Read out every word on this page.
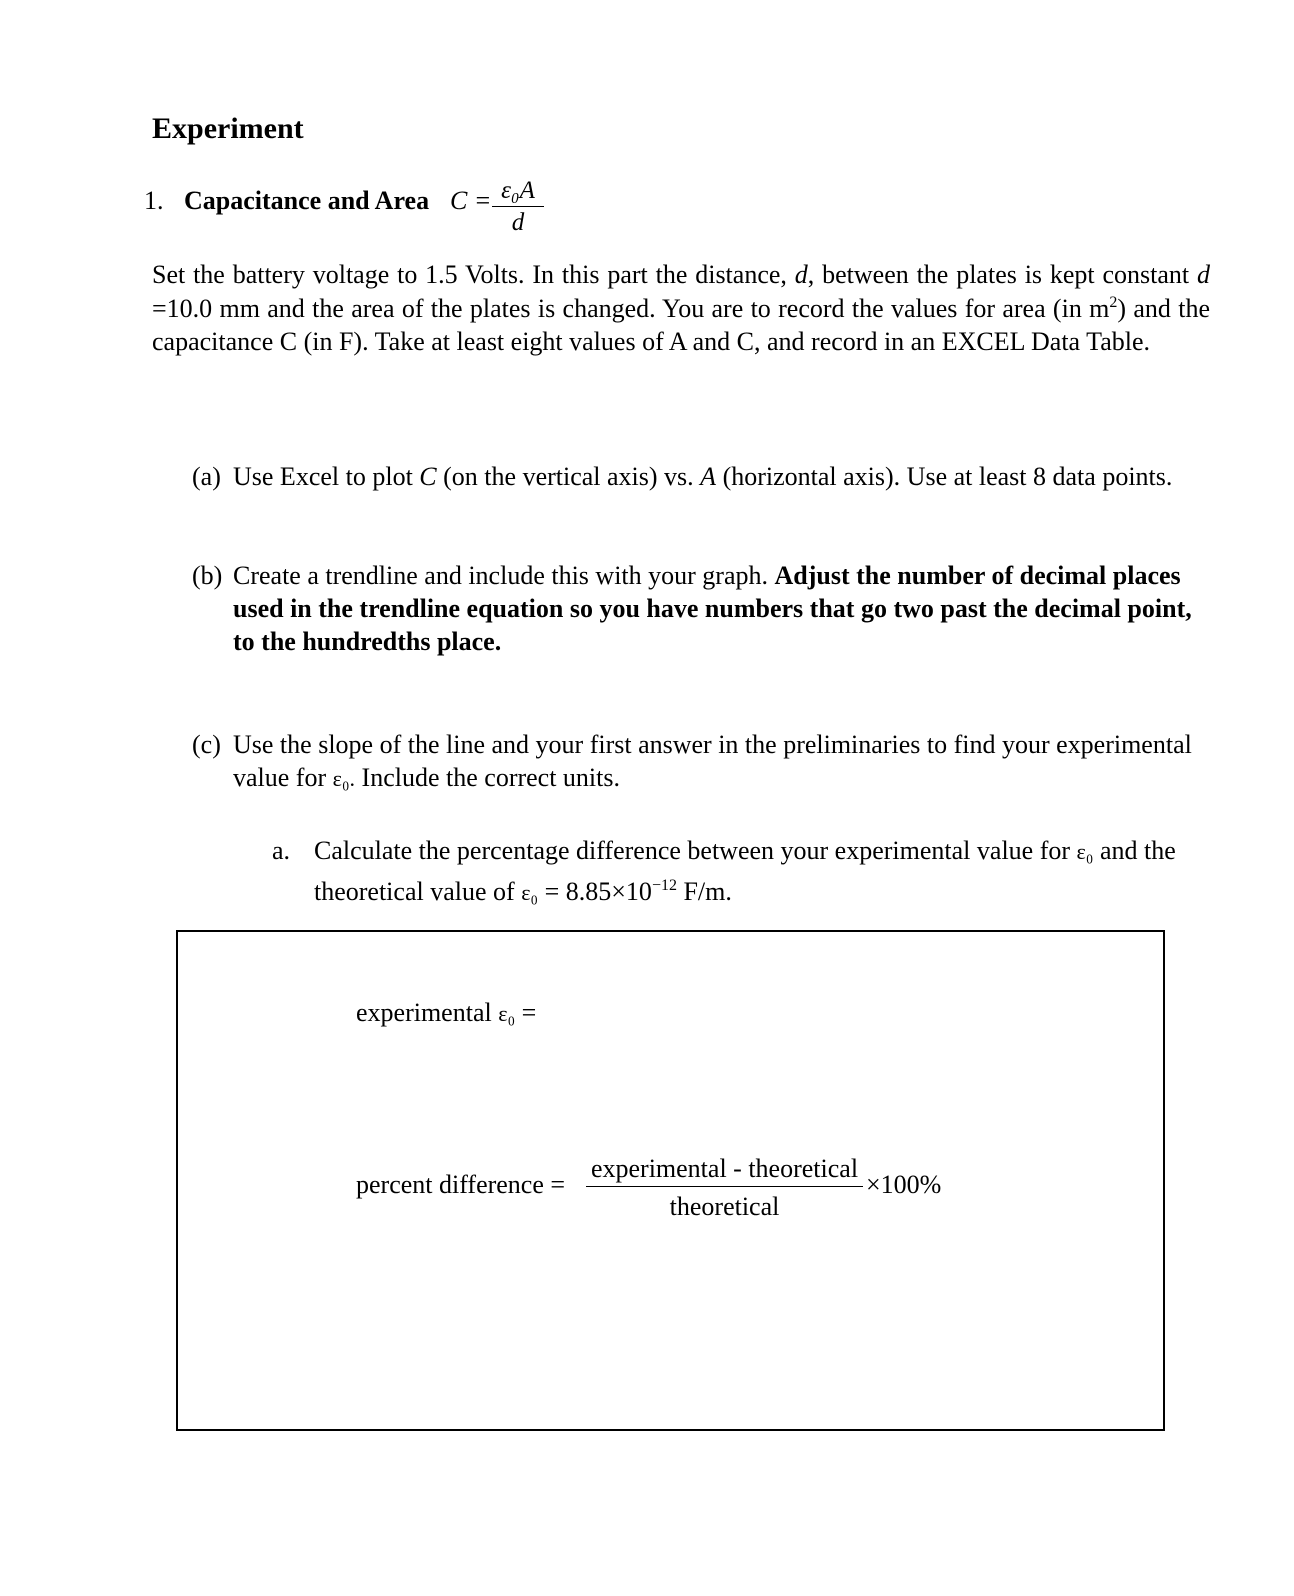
Experiment
1. Capacitance and Area $C = \frac{\text{ε₀A}}{d}$
Set the battery voltage to 1.5 Volts. In this part the distance, d, between the plates is kept constant d =10.0 mm and the area of the plates is changed. You are to record the values for area (in $m^2$) and the capacitance C (in F). Take at least eight values of A and C, and record in an EXCEL Data Table.
(a) Use Excel to plot C (on the vertical axis) vs. A (horizontal axis). Use at least 8 data points.
(b) Create a trendline and include this with your graph. Adjust the number of decimal places used in the trendline equation so you have numbers that go two past the decimal point, to the hundredths place.
(c) Use the slope of the line and your first answer in the preliminaries to find your experimental value for ε₀. Include the correct units.
a. Calculate the percentage difference between your experimental value for ε₀ and the theoretical value of $\varepsilon_0 = 8.85\times 10^{-12}$ F/m.
experimental ε₀ =
percent difference =
experimental - theoretical
theoretical
×100%
